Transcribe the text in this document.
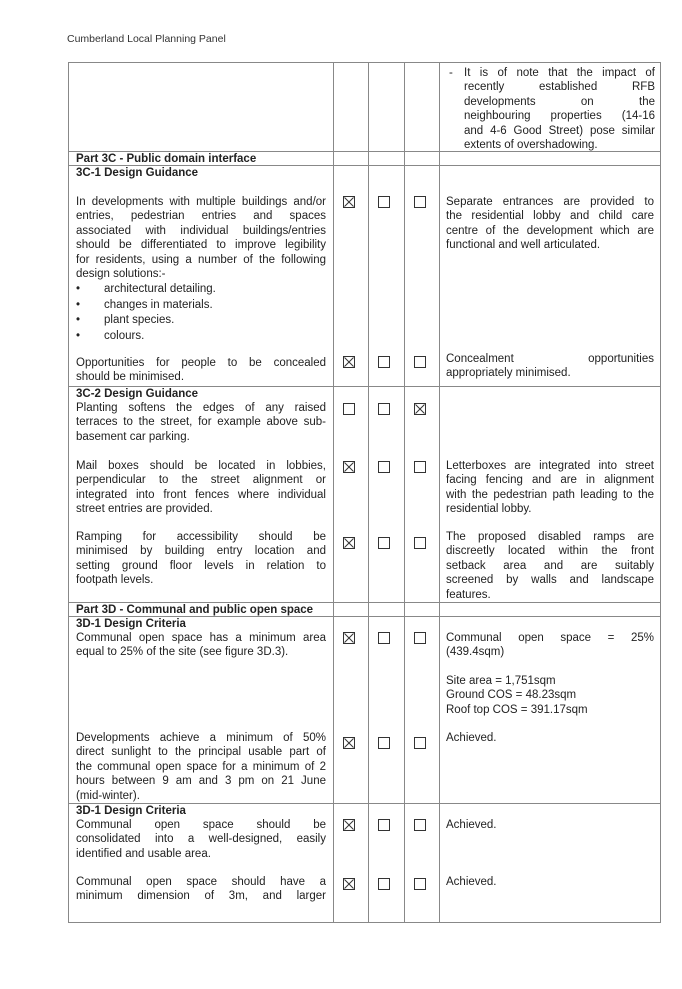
Cumberland Local Planning Panel
- It is of note that the impact of
recently established RFB
developments on the
neighbouring properties (14-16
and 4-6 Good Street) pose similar
extents of overshadowing.
Part 3C - Public domain interface
3C-1 Design Guidance
In developments with multiple buildings and/or
entries, pedestrian entries and spaces
associated with individual buildings/entries
should be differentiated to improve legibility
for residents, using a number of the following
design solutions:-
• architectural detailing.
• changes in materials.
• plant species.
• colours.
Separate entrances are provided to
the residential lobby and child care
centre of the development which are
functional and well articulated.
Opportunities for people to be concealed
should be minimised.
Concealment opportunities
appropriately minimised.
3C-2 Design Guidance
Planting softens the edges of any raised
terraces to the street, for example above sub-
basement car parking.
Mail boxes should be located in lobbies,
perpendicular to the street alignment or
integrated into front fences where individual
street entries are provided.
Letterboxes are integrated into street
facing fencing and are in alignment
with the pedestrian path leading to the
residential lobby.
Ramping for accessibility should be
minimised by building entry location and
setting ground floor levels in relation to
footpath levels.
The proposed disabled ramps are
discreetly located within the front
setback area and are suitably
screened by walls and landscape
features.
Part 3D - Communal and public open space
3D-1 Design Criteria
Communal open space has a minimum area
equal to 25% of the site (see figure 3D.3).
Communal open space = 25%
(439.4sqm)
Site area = 1,751sqm
Ground COS = 48.23sqm
Roof top COS = 391.17sqm
Developments achieve a minimum of 50%
direct sunlight to the principal usable part of
the communal open space for a minimum of 2
hours between 9 am and 3 pm on 21 June
(mid-winter).
Achieved.
3D-1 Design Criteria
Communal open space should be
consolidated into a well-designed, easily
identified and usable area.
Achieved.
Communal open space should have a
minimum dimension of 3m, and larger
Achieved.
